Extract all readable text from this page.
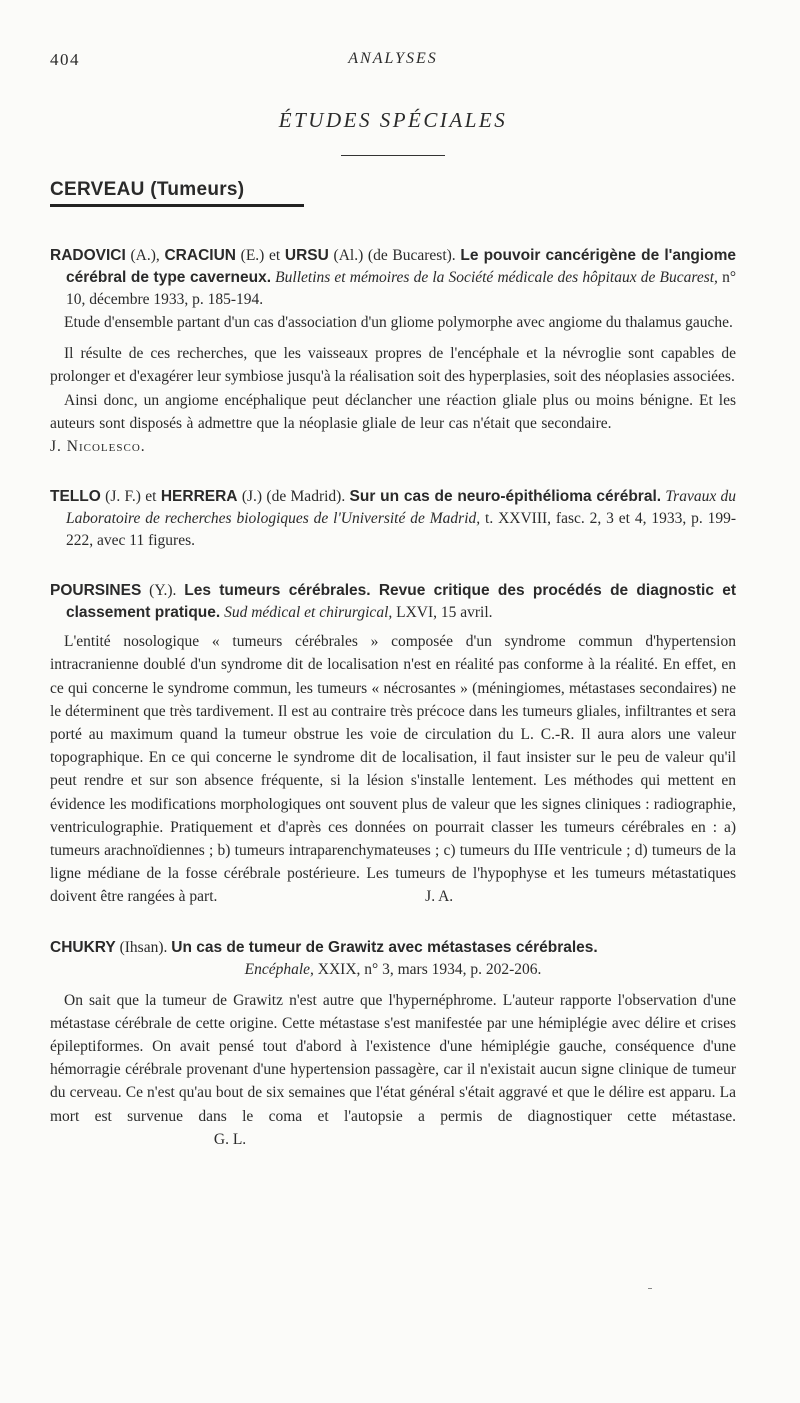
404	ANALYSES
ÉTUDES SPÉCIALES
CERVEAU (Tumeurs)
RADOVICI (A.), CRACIUN (E.) et URSU (Al.) (de Bucarest). Le pouvoir cancérigène de l'angiome cérébral de type caverneux. Bulletins et mémoires de la Société médicale des hôpitaux de Bucarest, n° 10, décembre 1933, p. 185-194.

Etude d'ensemble partant d'un cas d'association d'un gliome polymorphe avec angiome du thalamus gauche.

Il résulte de ces recherches, que les vaisseaux propres de l'encéphale et la névroglie sont capables de prolonger et d'exagérer leur symbiose jusqu'à la réalisation soit des hyperplasies, soit des néoplasies associées.

Ainsi donc, un angiome encéphalique peut déclancher une réaction gliale plus ou moins bénigne. Et les auteurs sont disposés à admettre que la néoplasie gliale de leur cas n'était que secondaire.  J. Nicolesco.

TELLO (J. F.) et HERRERA (J.) (de Madrid). Sur un cas de neuro-épithélioma cérébral. Travaux du Laboratoire de recherches biologiques de l'Université de Madrid, t. XXVIII, fasc. 2, 3 et 4, 1933, p. 199-222, avec 11 figures.
POURSINES (Y.). Les tumeurs cérébrales. Revue critique des procédés de diagnostic et classement pratique. Sud médical et chirurgical, LXVI, 15 avril.

L'entité nosologique « tumeurs cérébrales » composée d'un syndrome commun d'hypertension intracranienne doublé d'un syndrome dit de localisation n'est en réalité pas conforme à la réalité. En effet, en ce qui concerne le syndrome commun, les tumeurs « nécrosantes » (méningiomes, métastases secondaires) ne le déterminent que très tardivement. Il est au contraire très précoce dans les tumeurs gliales, infiltrantes et sera porté au maximum quand la tumeur obstrue les voie de circulation du L. C.-R. Il aura alors une valeur topographique. En ce qui concerne le syndrome dit de localisation, il faut insister sur le peu de valeur qu'il peut rendre et sur son absence fréquente, si la lésion s'installe lentement. Les méthodes qui mettent en évidence les modifications morphologiques ont souvent plus de valeur que les signes cliniques : radiographie, ventriculographie. Pratiquement et d'après ces données on pourrait classer les tumeurs cérébrales en : a) tumeurs arachnoïdiennes ; b) tumeurs intraparenchymateuses ; c) tumeurs du IIIe ventricule ; d) tumeurs de la ligne médiane de la fosse cérébrale postérieure. Les tumeurs de l'hypophyse et les tumeurs métastatiques doivent être rangées à part.	J. A.

CHUKRY (Ihsan). Un cas de tumeur de Grawitz avec métastases cérébrales.
Encéphale, XXIX, n° 3, mars 1934, p. 202-206.

On sait que la tumeur de Grawitz n'est autre que l'hypernéphrome. L'auteur rapporte l'observation d'une métastase cérébrale de cette origine. Cette métastase s'est manifestée par une hémiplégie avec délire et crises épileptiformes. On avait pensé tout d'abord à l'existence d'une hémiplégie gauche, conséquence d'une hémorragie cérébrale provenant d'une hypertension passagère, car il n'existait aucun signe clinique de tumeur du cerveau. Ce n'est qu'au bout de six semaines que l'état général s'était aggravé et que le délire est apparu. La mort est survenue dans le coma et l'autopsie a permis de diagnostiquer cette métastase.  G. L.
